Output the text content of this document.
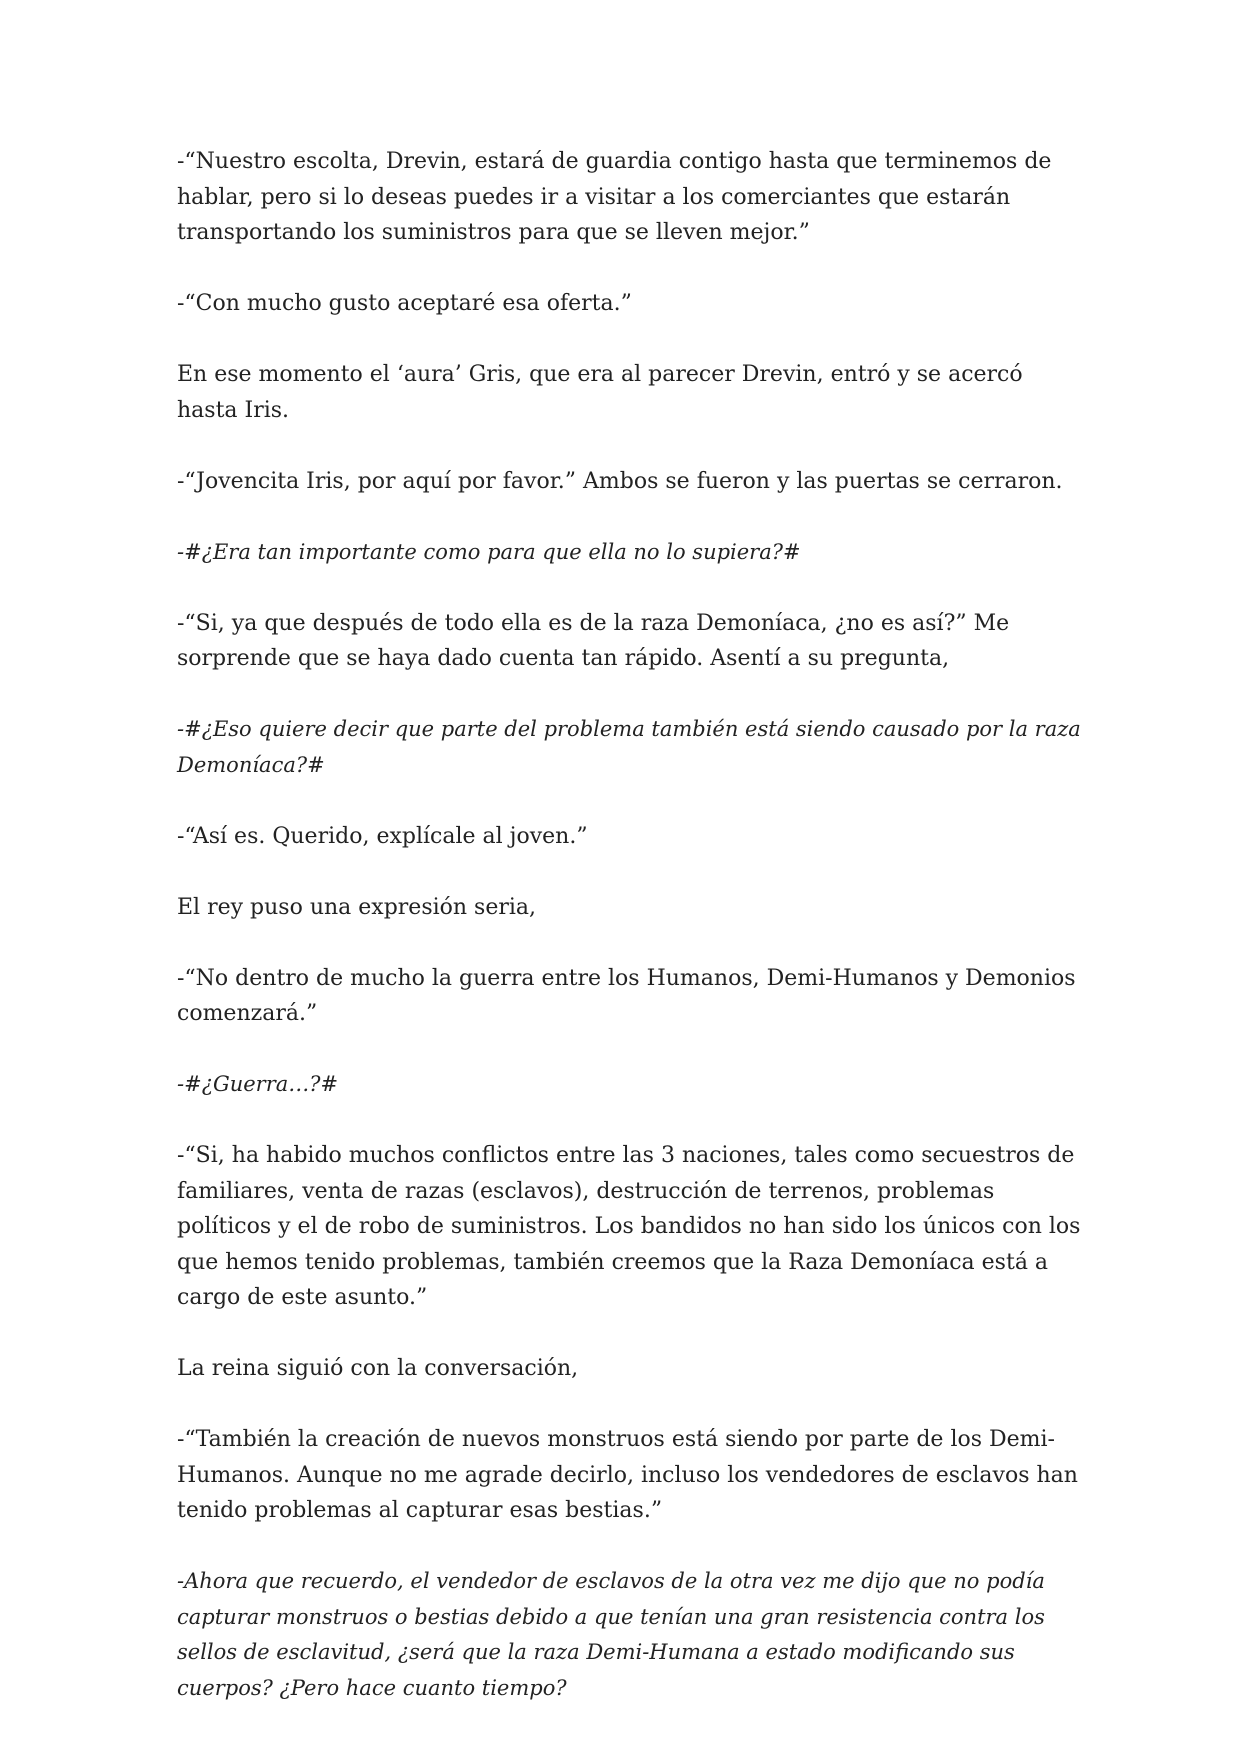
-“Nuestro escolta, Drevin, estará de guardia contigo hasta que terminemos de hablar, pero si lo deseas puedes ir a visitar a los comerciantes que estarán transportando los suministros para que se lleven mejor.”

-“Con mucho gusto aceptaré esa oferta.”

En ese momento el ‘aura’ Gris, que era al parecer Drevin, entró y se acercó hasta Iris.

-“Jovencita Iris, por aquí por favor.” Ambos se fueron y las puertas se cerraron.

-#¿Era tan importante como para que ella no lo supiera?#

-“Si, ya que después de todo ella es de la raza Demoníaca, ¿no es así?” Me sorprende que se haya dado cuenta tan rápido. Asentí a su pregunta,

-#¿Eso quiere decir que parte del problema también está siendo causado por la raza Demoníaca?#

-“Así es. Querido, explícale al joven.”

El rey puso una expresión seria,

-“No dentro de mucho la guerra entre los Humanos, Demi-Humanos y Demonios comenzará.”

-#¿Guerra…?#

-“Si, ha habido muchos conflictos entre las 3 naciones, tales como secuestros de familiares, venta de razas (esclavos), destrucción de terrenos, problemas políticos y el de robo de suministros. Los bandidos no han sido los únicos con los que hemos tenido problemas, también creemos que la Raza Demoníaca está a cargo de este asunto.”

La reina siguió con la conversación,

-“También la creación de nuevos monstruos está siendo por parte de los Demi-Humanos. Aunque no me agrade decirlo, incluso los vendedores de esclavos han tenido problemas al capturar esas bestias.”

-Ahora que recuerdo, el vendedor de esclavos de la otra vez me dijo que no podía capturar monstruos o bestias debido a que tenían una gran resistencia contra los sellos de esclavitud, ¿será que la raza Demi-Humana a estado modificando sus cuerpos? ¿Pero hace cuanto tiempo?
